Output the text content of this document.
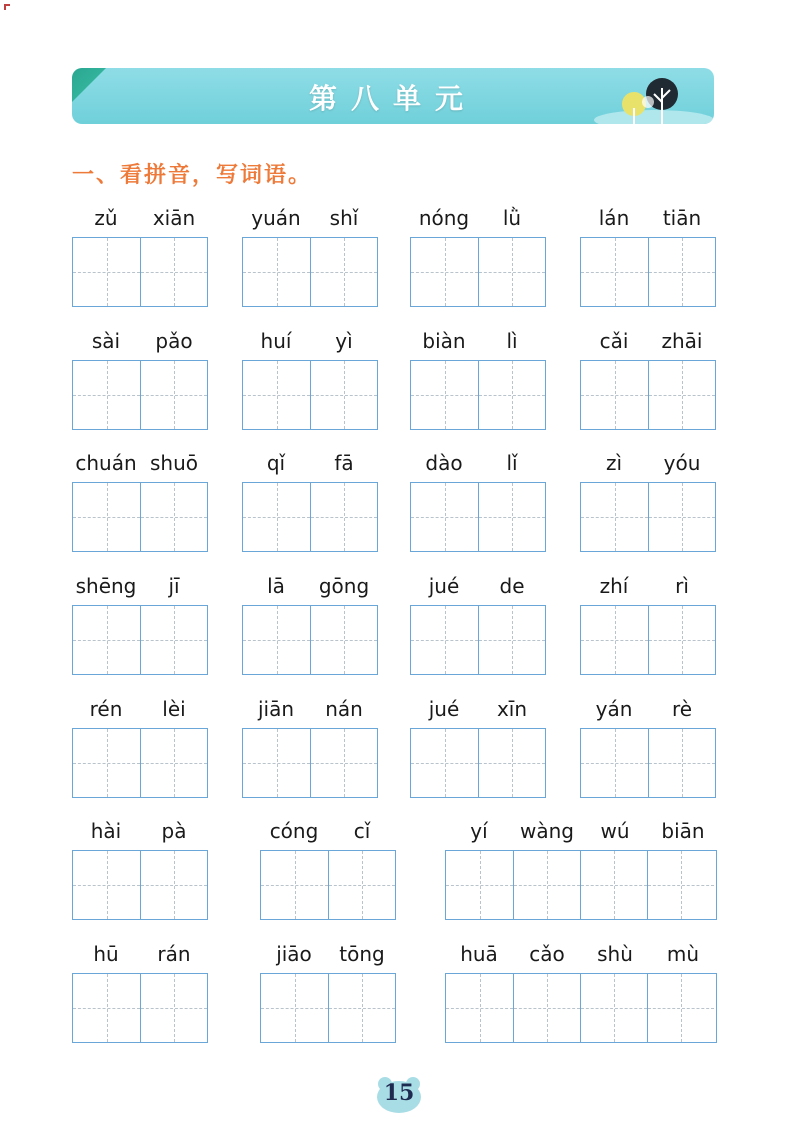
第八单元
一、看拼音，写词语。
zǔ	xiān	yuán	shǐ	nóng	lǜ	lán	tiān
sài	pǎo	huí	yì	biàn	lì	cǎi	zhāi
chuán shuō	qǐ	fā	dào	lǐ	zì	yóu
shēng	jī	lā	gōng	jué	de	zhí	rì
rén	lèi	jiān	nán	jué	xīn	yán	rè
hài	pà	cóng	cǐ	yí	wàng	wú	biān
hū	rán	jiāo	tōng	huā	cǎo	shù	mù
15
